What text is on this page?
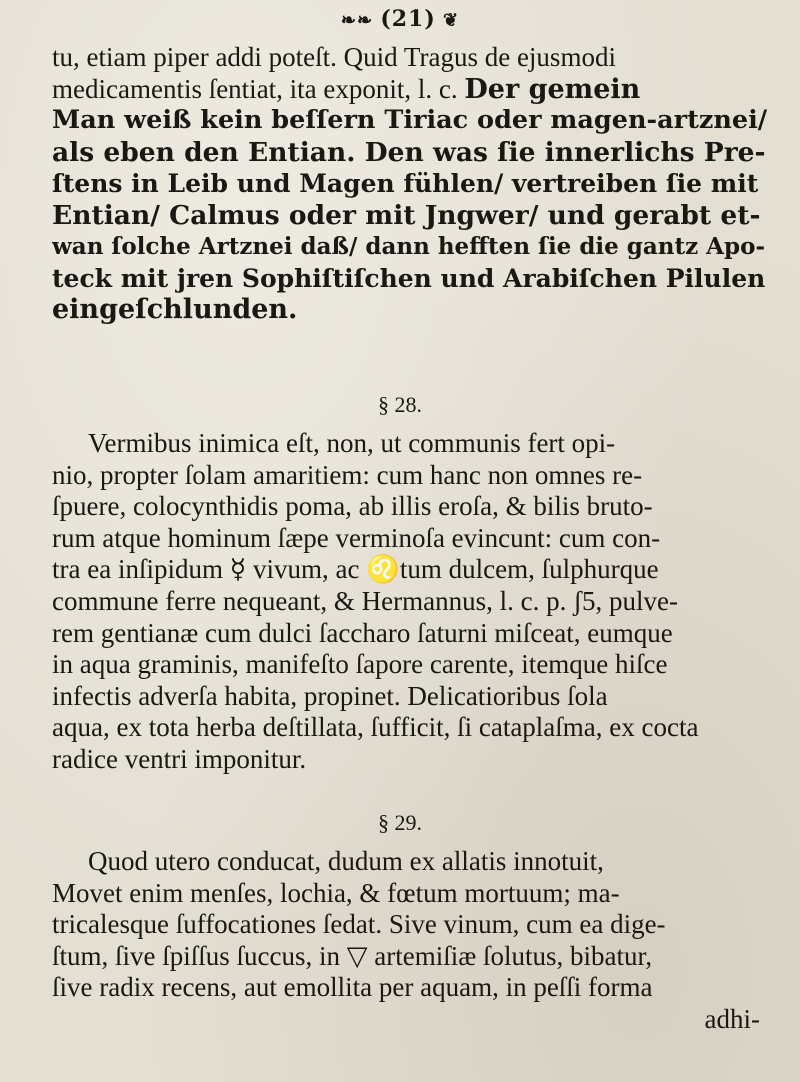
❧❧ (21) ❦
tu, etiam piper addi poteſt. Quid Tragus de ejusmodi
medicamentis ſentiat, ita exponit, l. c. Der gemein
Man weiß kein beſſern Tiriac oder magen-artznei/
als eben den Entian. Den was ſie innerlichs Pre-
ſtens in Leib und Magen fühlen/ vertreiben ſie mit
Entian/ Calmus oder mit Jngwer/ und gerabt et-
wan ſolche Artznei daß/ dann hefften ſie die gantz Apo-
teck mit jren Sophiſtiſchen und Arabiſchen Pilulen
eingeſchlunden.
§ 28.
Vermibus inimica eſt, non, ut communis fert opi-
nio, propter ſolam amaritiem: cum hanc non omnes re-
ſpuere, colocynthidis poma, ab illis eroſa, & bilis bruto-
rum atque hominum ſæpe verminoſa evincunt: cum con-
tra ea inſipidum ☿ vivum, ac ♌tum dulcem, ſulphurque
commune ferre nequeant, & Hermannus, l. c. p. ʃ5, pulve-
rem gentianæ cum dulci ſaccharo ſaturni miſceat, eumque
in aqua graminis, manifeſto ſapore carente, itemque hiſce
infectis adverſa habita, propinet. Delicatioribus ſola
aqua, ex tota herba deſtillata, ſufficit, ſi cataplaſma, ex cocta
radice ventri imponitur.
§ 29.
Quod utero conducat, dudum ex allatis innotuit,
Movet enim menſes, lochia, & fœtum mortuum; ma-
tricalesque ſuffocationes ſedat. Sive vinum, cum ea dige-
ſtum, ſive ſpiſſus ſuccus, in ▽ artemiſiæ ſolutus, bibatur,
ſive radix recens, aut emollita per aquam, in peſſi forma
adhi-
